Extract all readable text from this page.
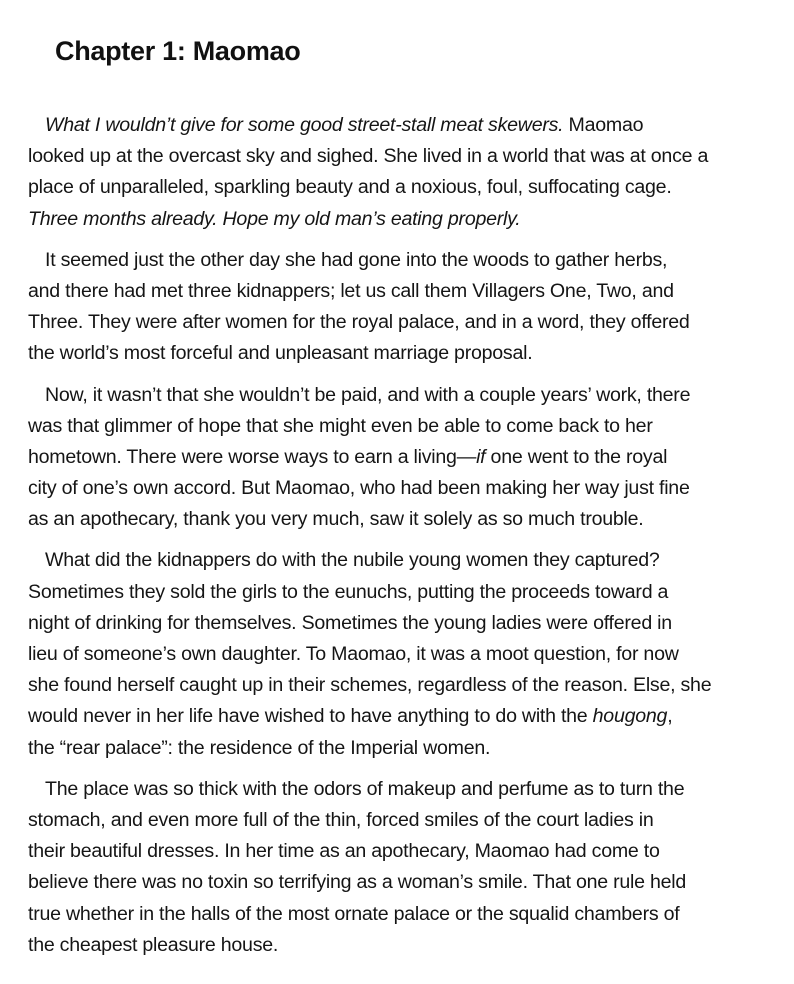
Chapter 1: Maomao

What I wouldn’t give for some good street-stall meat skewers. Maomao
looked up at the overcast sky and sighed. She lived in a world that was at once a
place of unparalleled, sparkling beauty and a noxious, foul, suffocating cage.
Three months already. Hope my old man’s eating properly.

It seemed just the other day she had gone into the woods to gather herbs,
and there had met three kidnappers; let us call them Villagers One, Two, and
Three. They were after women for the royal palace, and in a word, they offered
the world’s most forceful and unpleasant marriage proposal.

Now, it wasn’t that she wouldn’t be paid, and with a couple years’ work, there
was that glimmer of hope that she might even be able to come back to her
hometown. There were worse ways to earn a living—if one went to the royal
city of one’s own accord. But Maomao, who had been making her way just fine
as an apothecary, thank you very much, saw it solely as so much trouble.

What did the kidnappers do with the nubile young women they captured?
Sometimes they sold the girls to the eunuchs, putting the proceeds toward a
night of drinking for themselves. Sometimes the young ladies were offered in
lieu of someone’s own daughter. To Maomao, it was a moot question, for now
she found herself caught up in their schemes, regardless of the reason. Else, she
would never in her life have wished to have anything to do with the hougong,
the “rear palace”: the residence of the Imperial women.

The place was so thick with the odors of makeup and perfume as to turn the
stomach, and even more full of the thin, forced smiles of the court ladies in
their beautiful dresses. In her time as an apothecary, Maomao had come to
believe there was no toxin so terrifying as a woman’s smile. That one rule held
true whether in the halls of the most ornate palace or the squalid chambers of
the cheapest pleasure house.
